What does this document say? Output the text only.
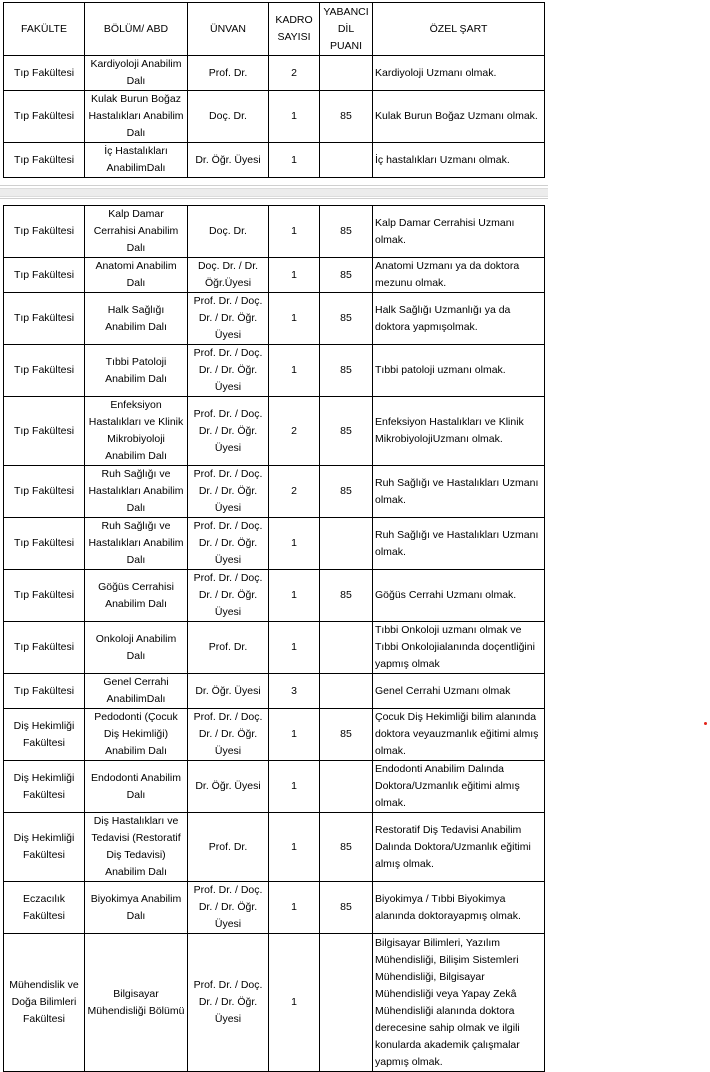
FAKÜLTE	BÖLÜM/ ABD	ÜNVAN	KADRO SAYISI	YABANCI DİL PUANI	ÖZEL ŞART
Tıp Fakültesi	Kardiyoloji Anabilim Dalı	Prof. Dr.	2		Kardiyoloji Uzmanı olmak.
Tıp Fakültesi	Kulak Burun Boğaz Hastalıkları Anabilim Dalı	Doç. Dr.	1	85	Kulak Burun Boğaz Uzmanı olmak.
Tıp Fakültesi	İç Hastalıkları AnabilimDalı	Dr. Öğr. Üyesi	1		İç hastalıkları Uzmanı olmak.
Tıp Fakültesi	Kalp Damar Cerrahisi Anabilim Dalı	Doç. Dr.	1	85	Kalp Damar Cerrahisi Uzmanı olmak.
Tıp Fakültesi	Anatomi Anabilim Dalı	Doç. Dr. / Dr. Öğr.Üyesi	1	85	Anatomi Uzmanı ya da doktora mezunu olmak.
Tıp Fakültesi	Halk Sağlığı Anabilim Dalı	Prof. Dr. / Doç. Dr. / Dr. Öğr. Üyesi	1	85	Halk Sağlığı Uzmanlığı ya da doktora yapmışolmak.
Tıp Fakültesi	Tıbbi Patoloji Anabilim Dalı	Prof. Dr. / Doç. Dr. / Dr. Öğr. Üyesi	1	85	Tıbbi patoloji uzmanı olmak.
Tıp Fakültesi	Enfeksiyon Hastalıkları ve Klinik Mikrobiyoloji Anabilim Dalı	Prof. Dr. / Doç. Dr. / Dr. Öğr. Üyesi	2	85	Enfeksiyon Hastalıkları ve Klinik MikrobiyolojiUzmanı olmak.
Tıp Fakültesi	Ruh Sağlığı ve Hastalıkları Anabilim Dalı	Prof. Dr. / Doç. Dr. / Dr. Öğr. Üyesi	2	85	Ruh Sağlığı ve Hastalıkları Uzmanı olmak.
Tıp Fakültesi	Ruh Sağlığı ve Hastalıkları Anabilim Dalı	Prof. Dr. / Doç. Dr. / Dr. Öğr. Üyesi	1		Ruh Sağlığı ve Hastalıkları Uzmanı olmak.
Tıp Fakültesi	Göğüs Cerrahisi Anabilim Dalı	Prof. Dr. / Doç. Dr. / Dr. Öğr. Üyesi	1	85	Göğüs Cerrahi Uzmanı olmak.
Tıp Fakültesi	Onkoloji Anabilim Dalı	Prof. Dr.	1		Tıbbi Onkoloji uzmanı olmak ve Tıbbi Onkolojialanında doçentliğini yapmış olmak
Tıp Fakültesi	Genel Cerrahi AnabilimDalı	Dr. Öğr. Üyesi	3		Genel Cerrahi Uzmanı olmak
Diş Hekimliği Fakültesi	Pedodonti (Çocuk Diş Hekimliği) Anabilim Dalı	Prof. Dr. / Doç. Dr. / Dr. Öğr. Üyesi	1	85	Çocuk Diş Hekimliği bilim alanında doktora veyauzmanlık eğitimi almış olmak.
Diş Hekimliği Fakültesi	Endodonti Anabilim Dalı	Dr. Öğr. Üyesi	1		Endodonti Anabilim Dalında Doktora/Uzmanlık eğitimi almış olmak.
Diş Hekimliği Fakültesi	Diş Hastalıkları ve Tedavisi (Restoratif Diş Tedavisi) Anabilim Dalı	Prof. Dr.	1	85	Restoratif Diş Tedavisi Anabilim Dalında Doktora/Uzmanlık eğitimi almış olmak.
Eczacılık Fakültesi	Biyokimya Anabilim Dalı	Prof. Dr. / Doç. Dr. / Dr. Öğr. Üyesi	1	85	Biyokimya / Tıbbi Biyokimya alanında doktorayapmış olmak.
Mühendislik ve Doğa Bilimleri Fakültesi	Bilgisayar Mühendisliği Bölümü	Prof. Dr. / Doç. Dr. / Dr. Öğr. Üyesi	1		Bilgisayar Bilimleri, Yazılım Mühendisliği, Bilişim Sistemleri Mühendisliği, Bilgisayar Mühendisliği veya Yapay Zekâ Mühendisliği alanında doktora derecesine sahip olmak ve ilgili konularda akademik çalışmalar yapmış olmak.
